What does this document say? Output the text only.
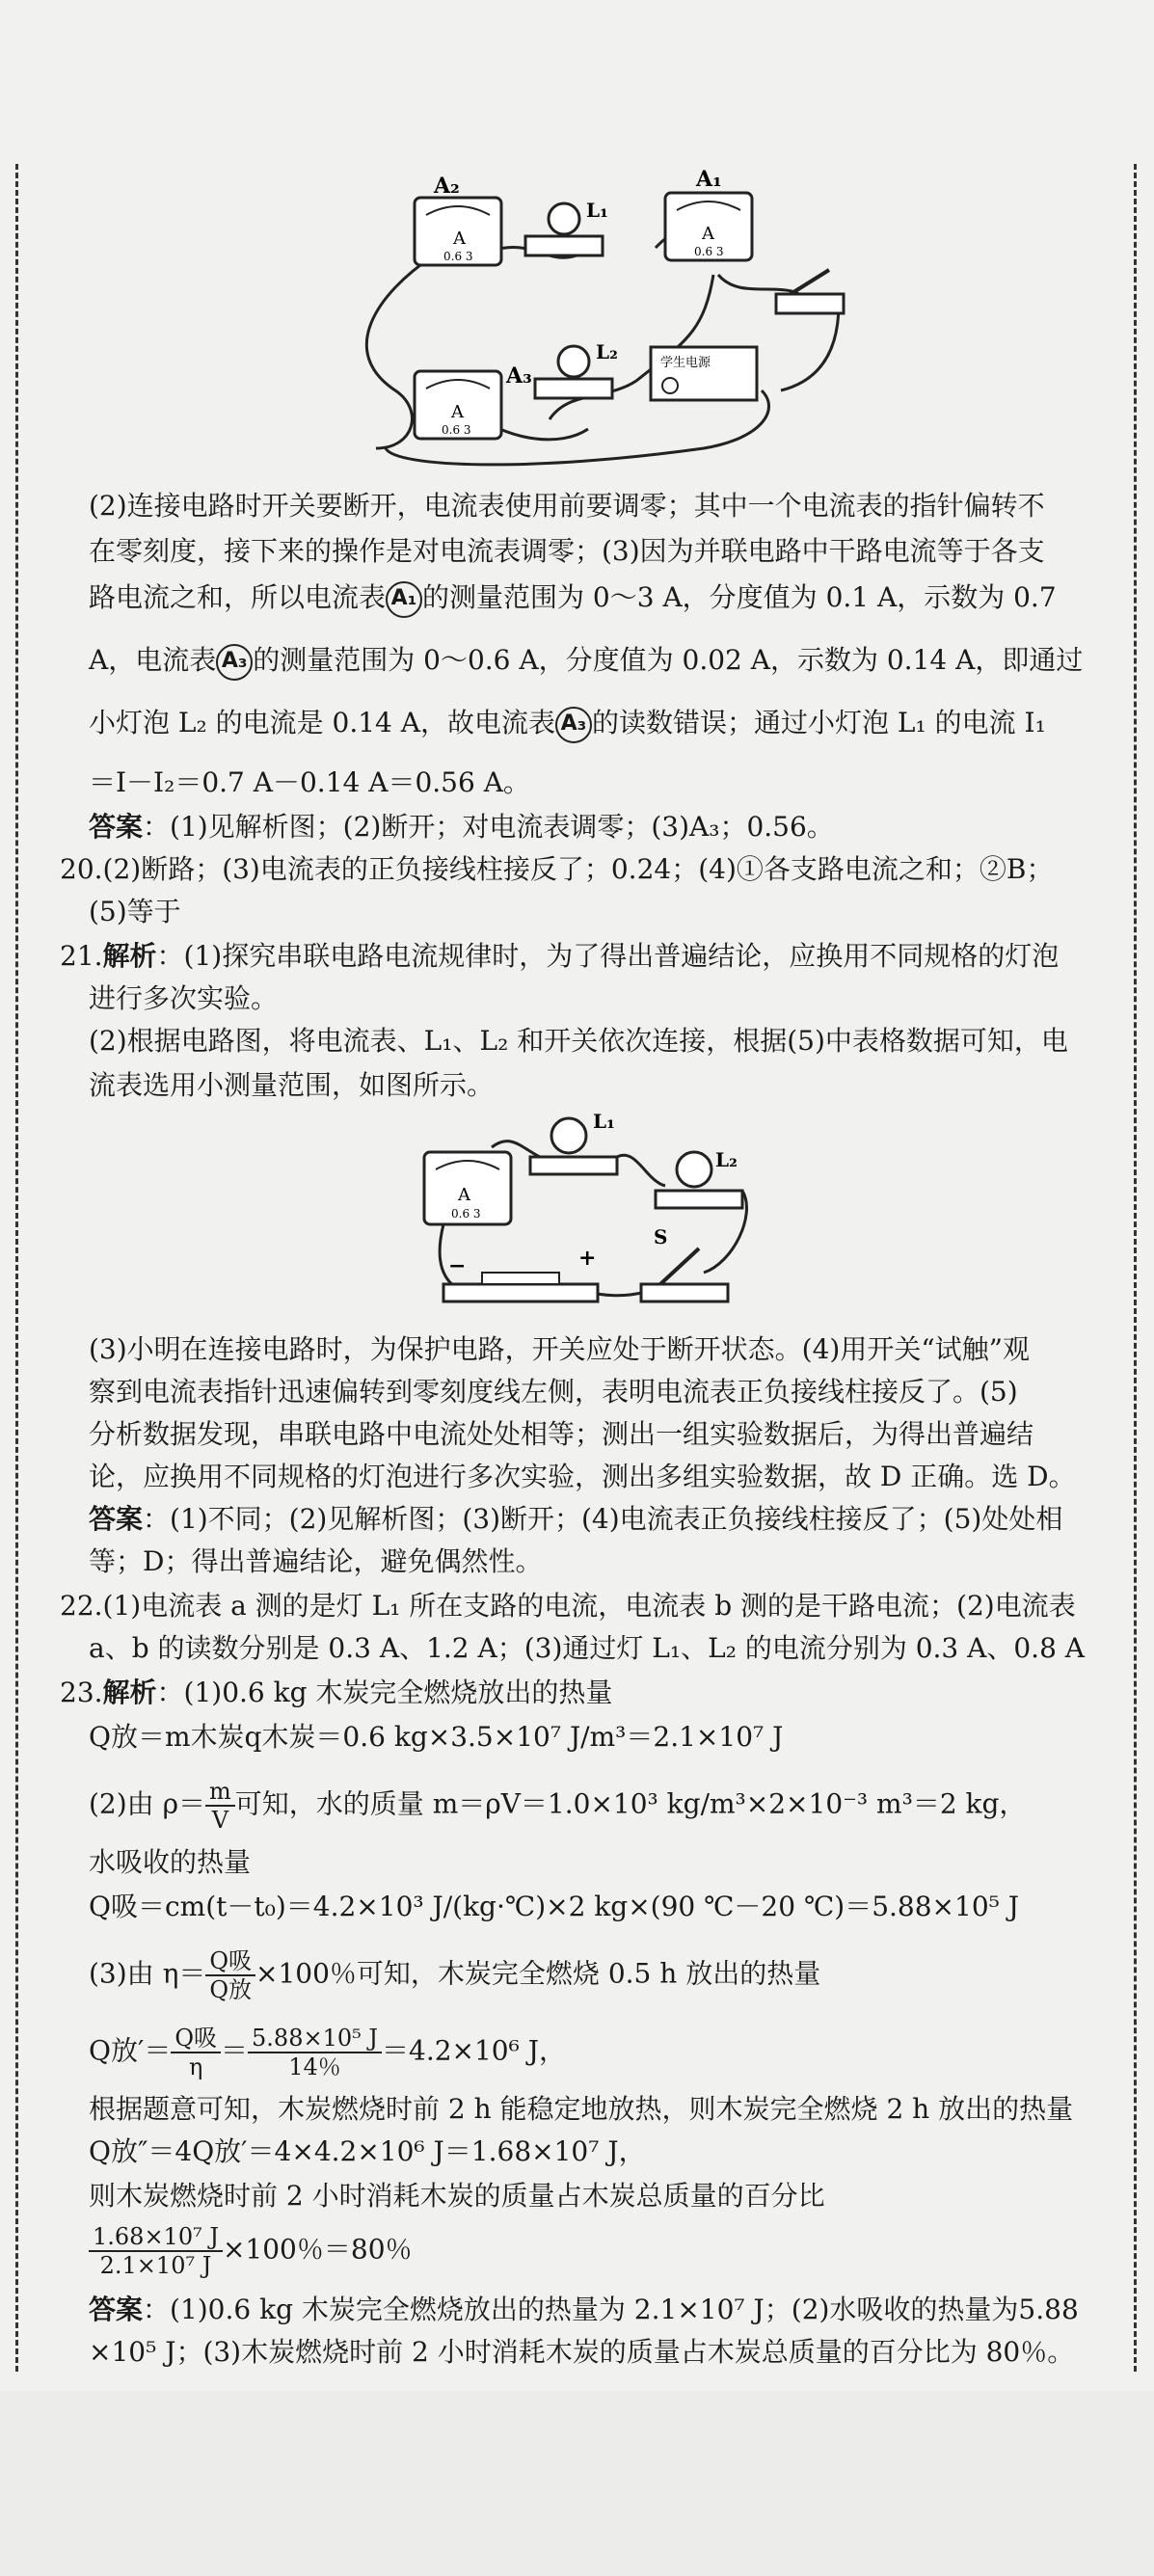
A
0.6 3
A₂
A
0.6 3
A₁
A
0.6 3
A₃
L₁
L₂	学生电源
(2)连接电路时开关要断开，电流表使用前要调零；其中一个电流表的指针偏转不
在零刻度，接下来的操作是对电流表调零；(3)因为并联电路中干路电流等于各支
路电流之和，所以电流表 A₁ 的测量范围为 0～3 A，分度值为 0.1 A，示数为 0.7
A，电流表 A₃ 的测量范围为 0～0.6 A，分度值为 0.02 A，示数为 0.14 A，即通过
小灯泡 L₂ 的电流是 0.14 A，故电流表 A₃ 的读数错误；通过小灯泡 L₁ 的电流 I₁
＝I－I₂＝0.7 A－0.14 A＝0.56 A。
答案：(1)见解析图；(2)断开；对电流表调零；(3)A₃；0.56。
20.(2)断路；(3)电流表的正负接线柱接反了；0.24；(4)①各支路电流之和；②B；
(5)等于
21.解析：(1)探究串联电路电流规律时，为了得出普遍结论，应换用不同规格的灯泡
进行多次实验。
(2)根据电路图，将电流表、L₁、L₂ 和开关依次连接，根据(5)中表格数据可知，电
流表选用小测量范围，如图所示。
A
0.6 3
L₁
L₂
−	+
S
(3)小明在连接电路时，为保护电路，开关应处于断开状态。(4)用开关“试触”观
察到电流表指针迅速偏转到零刻度线左侧，表明电流表正负接线柱接反了。(5)
分析数据发现，串联电路中电流处处相等；测出一组实验数据后，为得出普遍结
论，应换用不同规格的灯泡进行多次实验，测出多组实验数据，故 D 正确。选 D。
答案：(1)不同；(2)见解析图；(3)断开；(4)电流表正负接线柱接反了；(5)处处相
等；D；得出普遍结论，避免偶然性。
22.(1)电流表 a 测的是灯 L₁ 所在支路的电流，电流表 b 测的是干路电流；(2)电流表
a、b 的读数分别是 0.3 A、1.2 A；(3)通过灯 L₁、L₂ 的电流分别为 0.3 A、0.8 A
23.解析：(1)0.6 kg 木炭完全燃烧放出的热量
Q放＝m木炭q木炭＝0.6 kg×3.5×10⁷ J/m³＝2.1×10⁷ J
(2)由 $\rho= \frac{m}{V}$ 可知，水的质量 m＝ρV＝1.0×10³ kg/m³×2×10⁻³ m³＝2 kg，
水吸收的热量
Q吸＝cm(t－t₀)＝4.2×10³ J/(kg·℃)×2 kg×(90 ℃－20 ℃)＝5.88×10⁵ J
(3)由 $\eta= \frac{\text{Q吸}}{\text{Q放}} \times 100$％可知，木炭完全燃烧 0.5 h 放出的热量
Q放′＝ $\frac{\text{Q吸}}{\eta} = \frac{\text{5.88×10⁵ J}}{14\%} =4.2\times 10^6$ J，
根据题意可知，木炭燃烧时前 2 h 能稳定地放热，则木炭完全燃烧 2 h 放出的热量
Q放″＝4Q放′＝4×4.2×10⁶ J＝1.68×10⁷ J，
则木炭燃烧时前 2 小时消耗木炭的质量占木炭总质量的百分比
$\frac{\text{1.68×10⁷ J}}{\text{2.1×10⁷ J}} \times 100$％＝80％
答案：(1)0.6 kg 木炭完全燃烧放出的热量为 2.1×10⁷ J；(2)水吸收的热量为5.88
×10⁵ J；(3)木炭燃烧时前 2 小时消耗木炭的质量占木炭总质量的百分比为 80％。
